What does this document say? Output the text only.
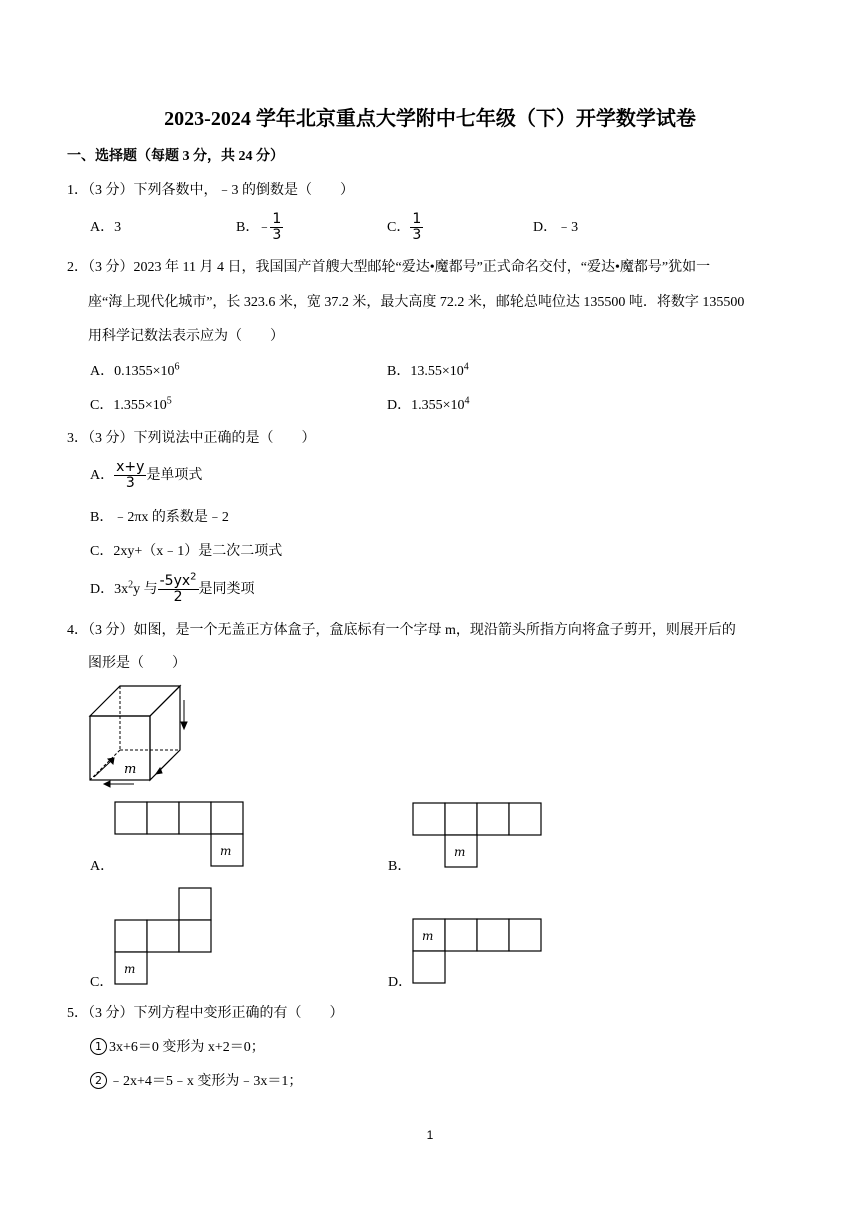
2023-2024 学年北京重点大学附中七年级（下）开学数学试卷
一、选择题（每题 3 分，共 24 分）
1．（3 分）下列各数中，﹣3 的倒数是（　　）
A．3	B．﹣ $\frac{1}{3}$	C． $\frac{1}{3}$	D．﹣3
2．（3 分）2023 年 11 月 4 日，我国国产首艘大型邮轮“爱达•魔都号”正式命名交付，“爱达•魔都号”犹如一
座“海上现代化城市”，长 323.6 米，宽 37.2 米，最大高度 72.2 米，邮轮总吨位达 135500 吨．将数字 135500
用科学记数法表示应为（　　）
A．$0.1355\times 10^6$	B．$13.55\times 10^4$
C．$1.355\times 10^5$	D．$1.355\times 10^4$
3．（3 分）下列说法中正确的是（　　）
A． $\frac{x+y}{3}$ 是单项式
B．﹣2πx 的系数是﹣2
C．2xy+（x﹣1）是二次二项式
D．$3x^2y$ 与 $\frac{-5yx^2}{2}$ 是同类项
4．（3 分）如图，是一个无盖正方体盒子，盒底标有一个字母 m，现沿箭头所指方向将盒子剪开，则展开后的
图形是（　　）
m
A．
m
B．
m
C．
m
D．
m
5．（3 分）下列方程中变形正确的有（　　）
1 3x+6＝0 变形为 x+2＝0；
2 ﹣2x+4＝5﹣x 变形为﹣3x＝1；
1
